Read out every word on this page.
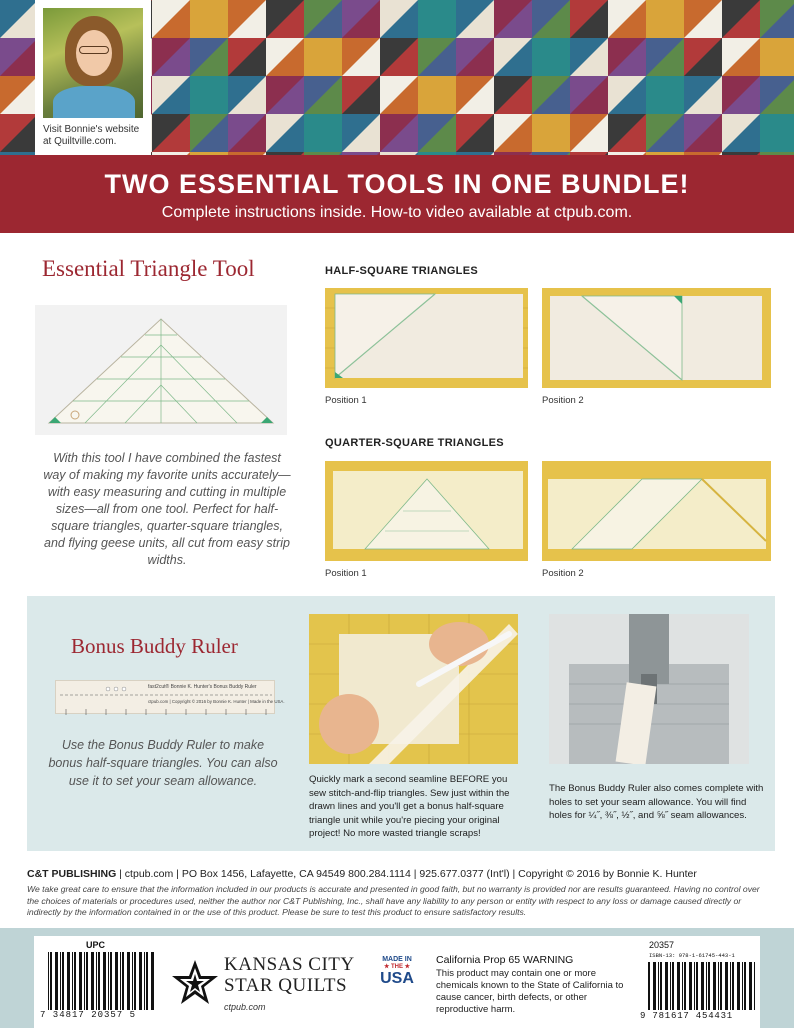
Visit Bonnie's website at Quiltville.com.
TWO ESSENTIAL TOOLS IN ONE BUNDLE!
Complete instructions inside. How-to video available at ctpub.com.
Essential Triangle Tool
With this tool I have combined the fastest way of making my favorite units accurately—with easy measuring and cutting in multiple sizes—all from one tool. Perfect for half-square triangles, quarter-square triangles, and flying geese units, all cut from easy strip widths.
HALF-SQUARE TRIANGLES
Position 1	Position 2
QUARTER-SQUARE TRIANGLES
Position 1	Position 2
Bonus Buddy Ruler
fast2cut® Bonnie K. Hunter's Bonus Buddy Ruler
ctpub.com | Copyright © 2016 by Bonnie K. Hunter | Made in the USA.
Use the Bonus Buddy Ruler to make bonus half-square triangles. You can also use it to set your seam allowance.	Quickly mark a second seamline BEFORE you sew stitch-and-flip triangles. Sew just within the drawn lines and you'll get a bonus half-square triangle unit while you're piecing your original project! No more wasted triangle scraps!
The Bonus Buddy Ruler also comes complete with holes to set your seam allowance. You will find holes for ¼˝, ⅜˝, ½˝, and ⅝˝ seam allowances.
C&T PUBLISHING | ctpub.com | PO Box 1456, Lafayette, CA 94549 800.284.1114 | 925.677.0377 (Int'l) | Copyright © 2016 by Bonnie K. Hunter
We take great care to ensure that the information included in our products is accurate and presented in good faith, but no warranty is provided nor are results guaranteed. Having no control over the choices of materials or procedures used, neither the author nor C&T Publishing, Inc., shall have any liability to any person or entity with respect to any loss or damage caused directly or indirectly by the information contained in or the use of this product. Please be sure to test this product to ensure satisfactory results.
UPC
7 34817 20357 5
KANSAS CITY
STAR QUILTS
ctpub.com
MADE IN
★ THE ★
USA
California Prop 65 WARNING
This product may contain one or more chemicals known to the State of California to cause cancer, birth defects, or other reproductive harm.
20357
ISBN-13: 978-1-61745-443-1
9 781617 454431
